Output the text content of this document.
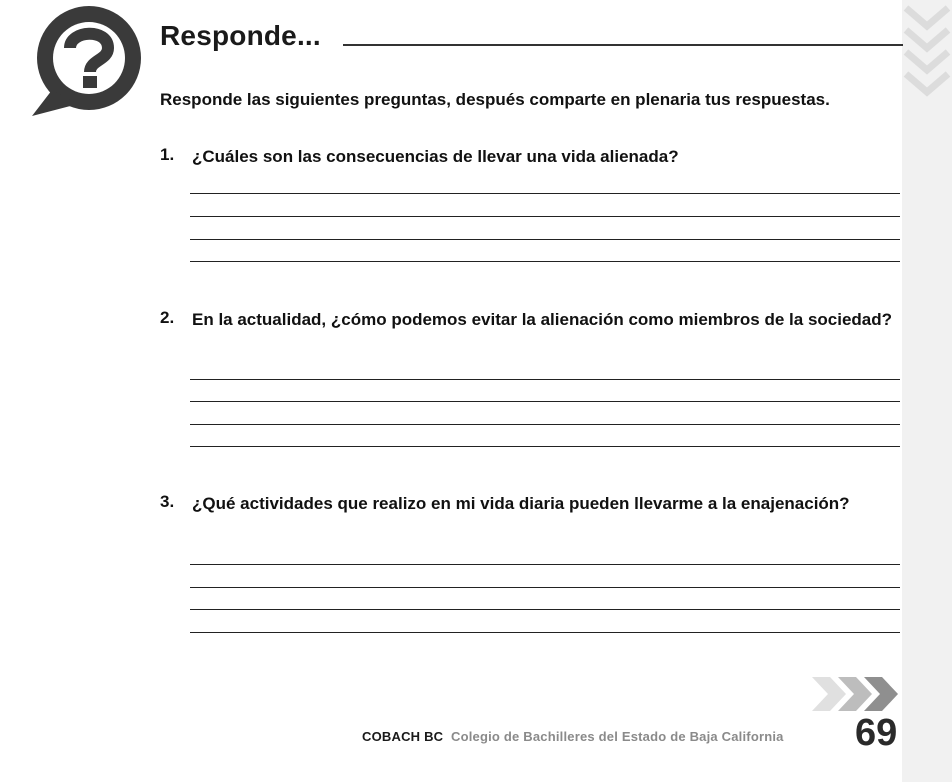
Responde...
Responde las siguientes preguntas, después comparte en plenaria tus respuestas.
1. ¿Cuáles son las consecuencias de llevar una vida alienada?
2. En la actualidad, ¿cómo podemos evitar la alienación como miembros de la sociedad?
3. ¿Qué actividades que realizo en mi vida diaria pueden llevarme a la enajenación?
COBACH BC Colegio de Bachilleres del Estado de Baja California 69
